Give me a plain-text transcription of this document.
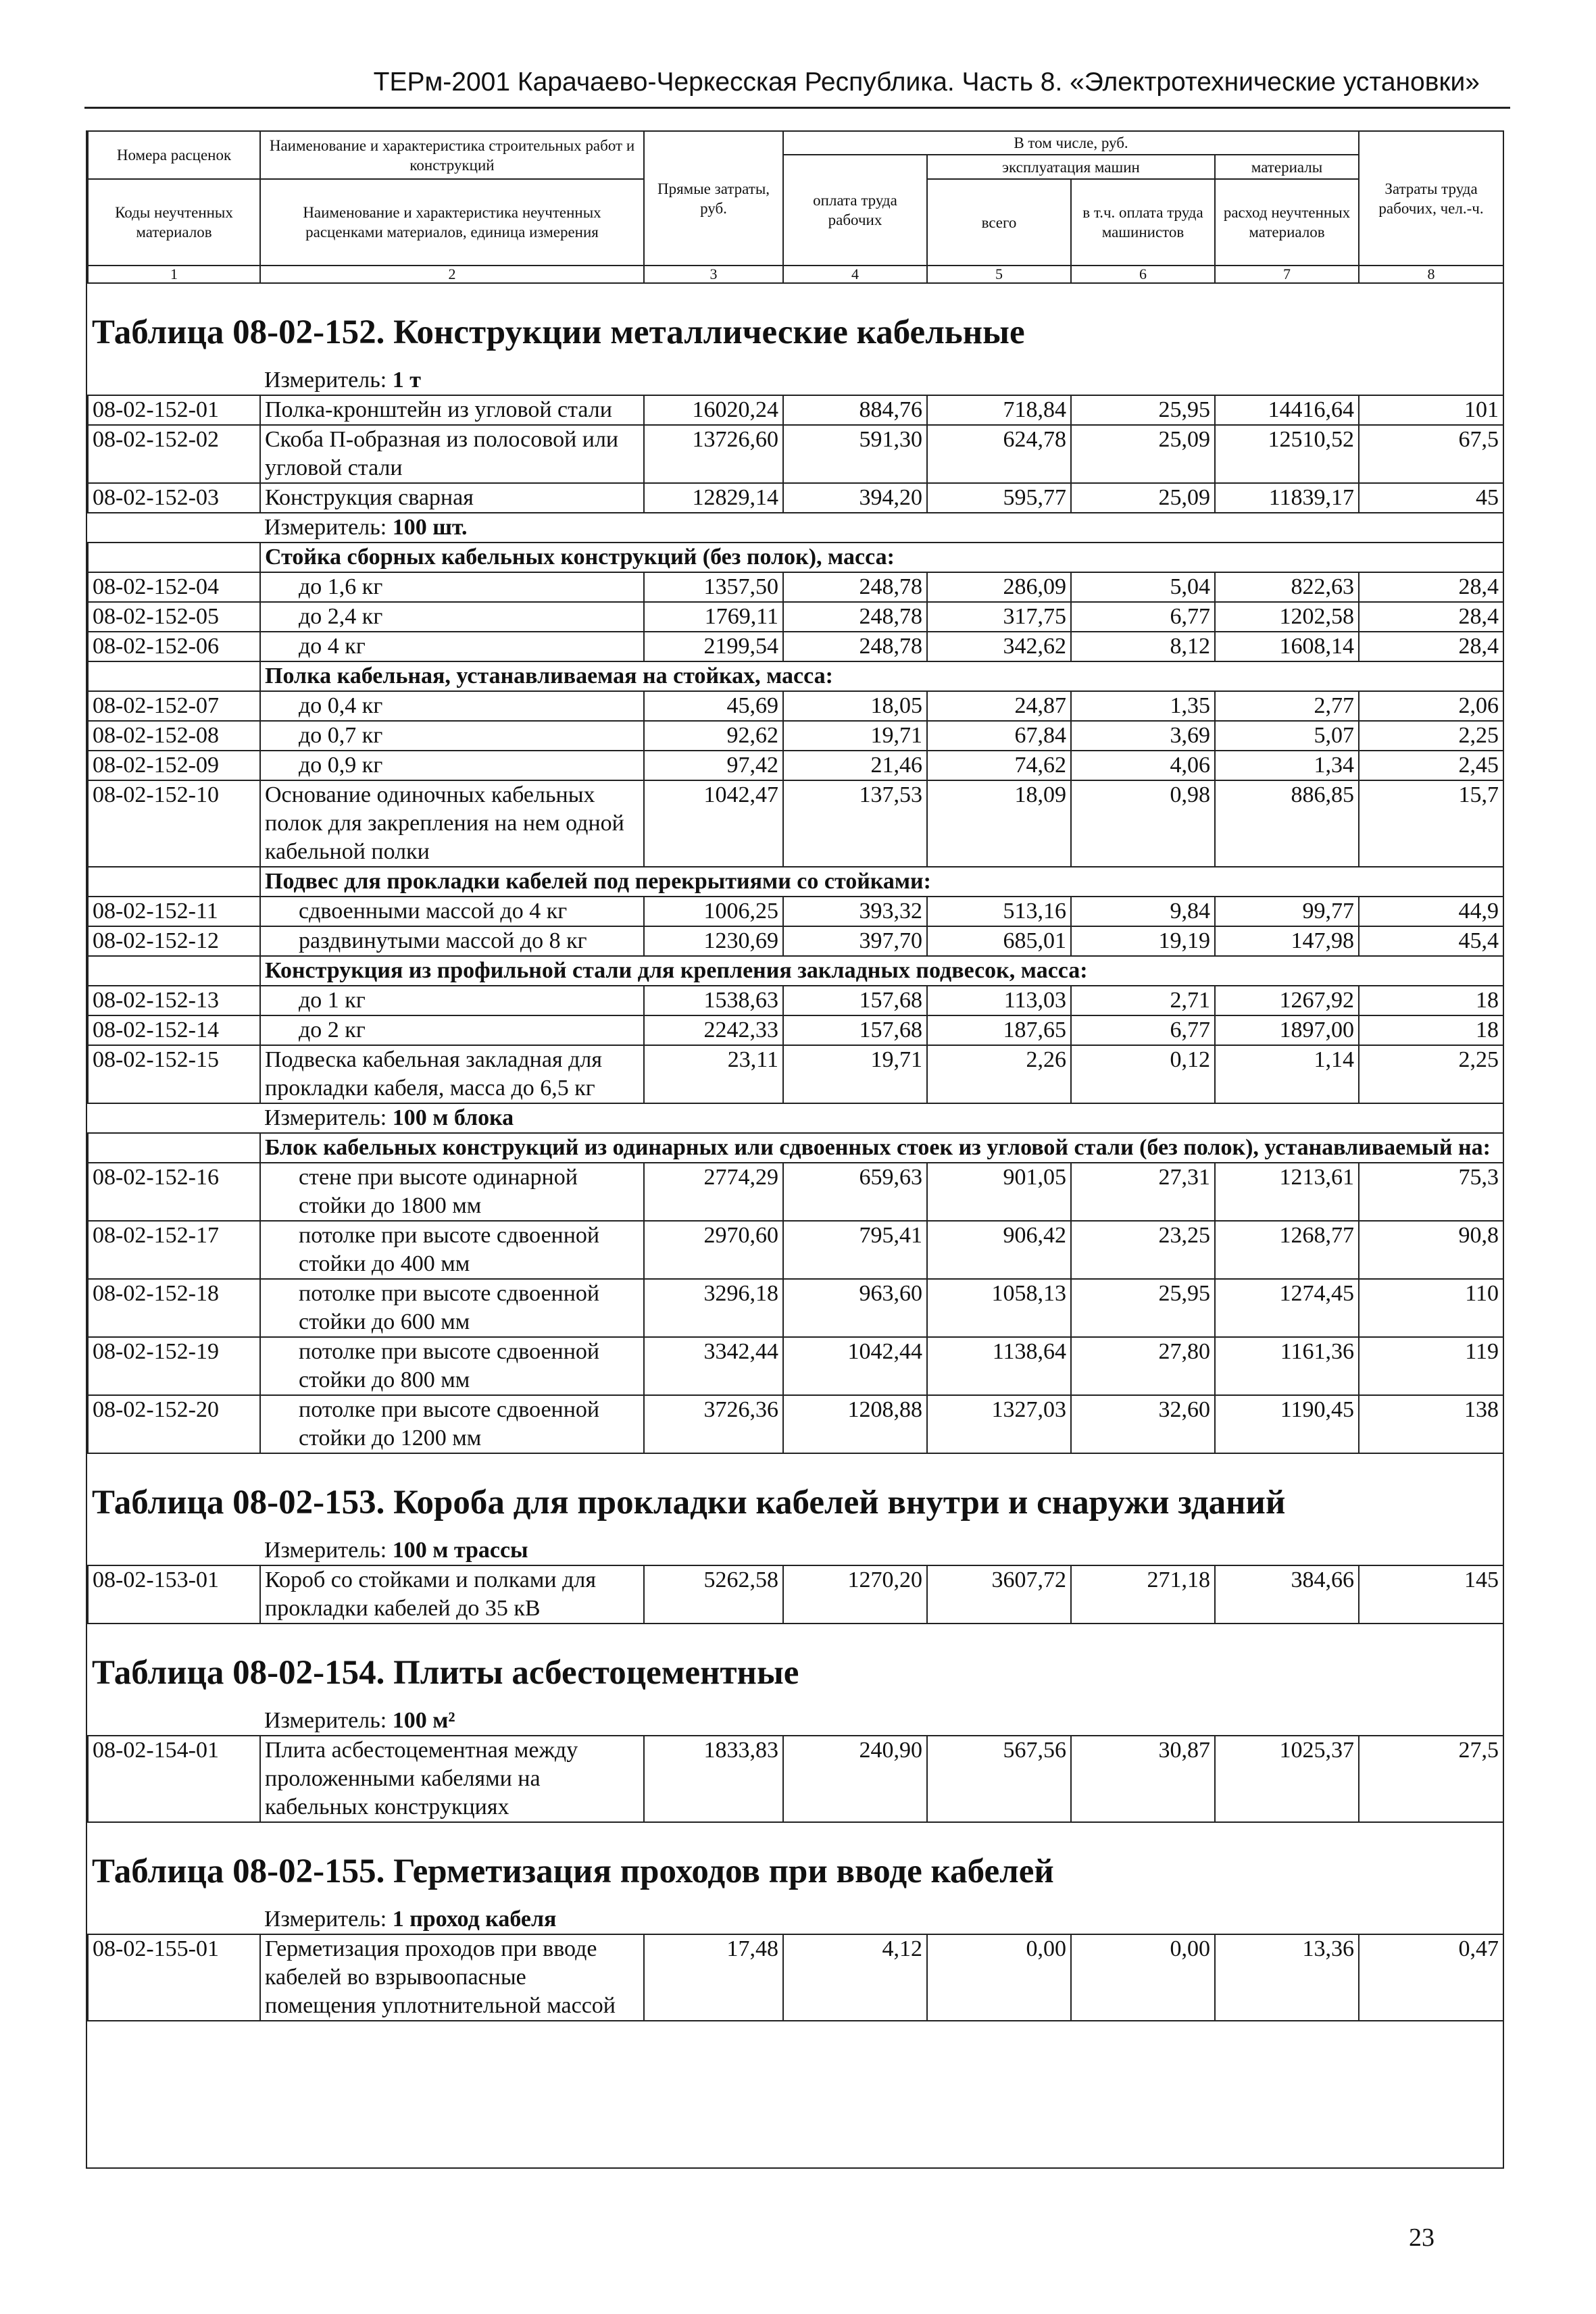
ТЕРм-2001 Карачаево-Черкесская Республика. Часть 8. «Электротехнические установки»
Номера расценок	Наименование и характеристика строительных работ и конструкций	Прямые затраты, руб.	В том числе, руб.				Затраты труда рабочих, чел.-ч.
			оплата труда рабочих	эксплуатация машин		материалы	
Коды неучтенных материалов	Наименование и характеристика неучтенных расценками материалов, единица измерения			всего	в т.ч. оплата труда машинистов	расход неучтенных материалов	

1	2	3	4	5	6	7	8
Таблица 08-02-152. Конструкции металлические кабельные							
	Измеритель: 1 т						
08-02-152-01	Полка-кронштейн из угловой стали	16020,24	884,76	718,84	25,95	14416,64	101
08-02-152-02	Скоба П-образная из полосовой или угловой стали	13726,60	591,30	624,78	25,09	12510,52	67,5
08-02-152-03	Конструкция сварная	12829,14	394,20	595,77	25,09	11839,17	45
	Измеритель: 100 шт.						
	Стойка сборных кабельных конструкций (без полок), масса:						
08-02-152-04	до 1,6 кг	1357,50	248,78	286,09	5,04	822,63	28,4
08-02-152-05	до 2,4 кг	1769,11	248,78	317,75	6,77	1202,58	28,4
08-02-152-06	до 4 кг	2199,54	248,78	342,62	8,12	1608,14	28,4
	Полка кабельная, устанавливаемая на стойках, масса:						
08-02-152-07	до 0,4 кг	45,69	18,05	24,87	1,35	2,77	2,06
08-02-152-08	до 0,7 кг	92,62	19,71	67,84	3,69	5,07	2,25
08-02-152-09	до 0,9 кг	97,42	21,46	74,62	4,06	1,34	2,45
08-02-152-10	Основание одиночных кабельных полок для закрепления на нем одной кабельной полки	1042,47	137,53	18,09	0,98	886,85	15,7
	Подвес для прокладки кабелей под перекрытиями со стойками:						
08-02-152-11	сдвоенными массой до 4 кг	1006,25	393,32	513,16	9,84	99,77	44,9
08-02-152-12	раздвинутыми массой до 8 кг	1230,69	397,70	685,01	19,19	147,98	45,4
	Конструкция из профильной стали для крепления закладных подвесок, масса:						
08-02-152-13	до 1 кг	1538,63	157,68	113,03	2,71	1267,92	18
08-02-152-14	до 2 кг	2242,33	157,68	187,65	6,77	1897,00	18
08-02-152-15	Подвеска кабельная закладная для прокладки кабеля, масса до 6,5 кг	23,11	19,71	2,26	0,12	1,14	2,25
	Измеритель: 100 м блока						
	Блок кабельных конструкций из одинарных или сдвоенных стоек из угловой стали (без полок), устанавливаемый на:						
08-02-152-16	стене при высоте одинарной стойки до 1800 мм	2774,29	659,63	901,05	27,31	1213,61	75,3
08-02-152-17	потолке при высоте сдвоенной стойки до 400 мм	2970,60	795,41	906,42	23,25	1268,77	90,8
08-02-152-18	потолке при высоте сдвоенной стойки до 600 мм	3296,18	963,60	1058,13	25,95	1274,45	110
08-02-152-19	потолке при высоте сдвоенной стойки до 800 мм	3342,44	1042,44	1138,64	27,80	1161,36	119
08-02-152-20	потолке при высоте сдвоенной стойки до 1200 мм	3726,36	1208,88	1327,03	32,60	1190,45	138
Таблица 08-02-153. Короба для прокладки кабелей внутри и снаружи зданий							
	Измеритель: 100 м трассы						
08-02-153-01	Короб со стойками и полками для прокладки кабелей до 35 кВ	5262,58	1270,20	3607,72	271,18	384,66	145
Таблица 08-02-154. Плиты асбестоцементные							
	Измеритель: 100 м²						
08-02-154-01	Плита асбестоцементная между проложенными кабелями на кабельных конструкциях	1833,83	240,90	567,56	30,87	1025,37	27,5
Таблица 08-02-155. Герметизация проходов при вводе кабелей							
	Измеритель: 1 проход кабеля						
08-02-155-01	Герметизация проходов при вводе кабелей во взрывоопасные помещения уплотнительной массой	17,48	4,12	0,00	0,00	13,36	0,47
23
